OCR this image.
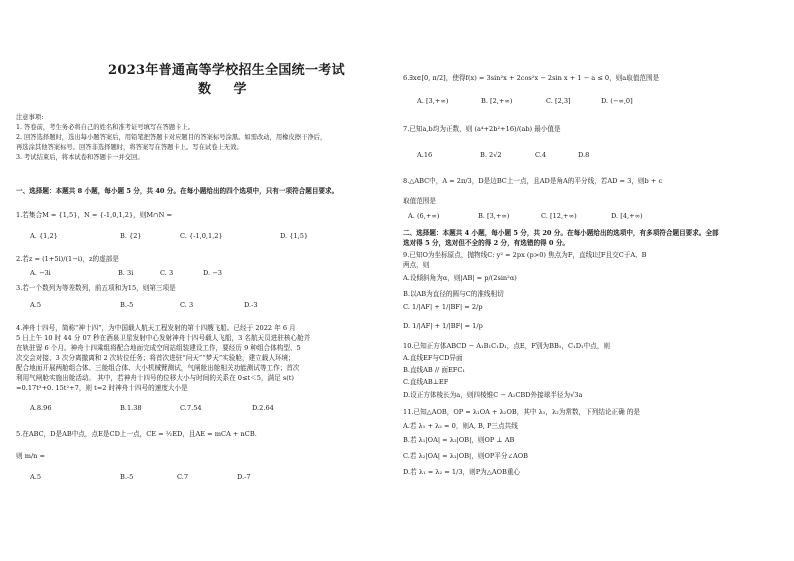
2023年普通高等学校招生全国统一考试
数 学
注意事项:
1. 答卷前，考生务必将自己的姓名和准考证号填写在答题卡上。
2. 回答选择题时，选出每小题答案后，用铅笔把答题卡对应题目的答案标号涂黑。如需改动，用橡皮擦干净后，
再选涂其他答案标号。回答非选择题时，将答案写在答题卡上。写在试卷上无效。
3. 考试结束后，将本试卷和答题卡一并交回。
一、选择题：本题共 8 小题，每小题 5 分，共 40 分。在每小题给出的四个选项中，只有一项符合题目要求。
1.若集合M = {1,5}，N = {-1,0,1,2}，则M∩N =
A. {1,2}	B. {2}	C. {-1,0,1,2}	D. {1,5}
2.若z = (1+5i)/(1−i)，z的虚部是
A. −3i	B. 3i	C. 3	D. −3
3.若一个数列为等差数列，前五项和为15，则第三项是
A.5	B.-5	C. 3	D.-3
4.神舟十四号，简称“神十四”，为中国载人航天工程发射的第十四艘飞船。已经于 2022 年 6 月
5 日上午 10 时 44 分 07 秒在酒泉卫星发射中心发射神舟十四号载人飞船，3 名航天员进驻核心舱并
在轨驻留 6 个月。神舟十四乘组将配合地面完成空间站组装建设工作，要经历 9 种组合体构型、5
次交会对接、3 次分离撤离和 2 次转位任务；将首次进驻“问天”“梦天”实验舱，建立载人环境；
配合地面开展两舱组合体、三舱组合体、大小机械臂测试，气闸舱出舱相关功能测试等工作；首次
利用气闸舱实施出舱活动。 其中，若神舟十四号的位移大小与时间的关系在 0≤t＜5，满足 s(t)
=0.17t³+0. 15t²+7，则 t=2 时神舟十四号的速度大小是
A.8.96	B.1.38	C.7.54	D.2.64
5.在ABC，D是AB中点，点E是CD上一点，CE = ½ED，且AE = mCA + nCB.
则 m/n =
A.5	B.-5	C.7	D.-7
6.∃x∈[0, π/2]，使得f(x) = 3sin²x + 2cos²x − 2sin x + 1 − a ≤ 0，则a取值范围是
A. [3,+∞)	B. [2,+∞)	C. [2,3]	D. (−∞,0]
7.已知a,b均为正数，则 (a⁴+2b²+16)/(ab) 最小值是
A.16	B. 2√2	C.4	D.8
8.△ABC中，A = 2π/3，D是边BC上一点，且AD是角A的平分线，若AD = 3，则b + c
取值范围是
A. (6,+∞)	B. [3,+∞)	C. [12,+∞)	D. [4,+∞)
二、选择题：本题共 4 小题，每小题 5 分，共 20 分。在每小题给出的选项中，有多项符合题目要求。全部
选对得 5 分，选对但不全的得 2 分，有选错的得 0 分。
9.已知O为坐标原点，抛物线C: y² = 2px (p>0) 焦点为F，直线l过F且交C于A、B
两点，则
A.设倾斜角为α，则|AB| = p/(2sin²α)
B.以AB为直径的圆与C的准线相切
C. 1/|AF| + 1/|BF| = 2/p
D. 1/|AF| + 1/|BF| = 1/p
10.已知正方体ABCD − A₁B₁C₁D₁，点E，F别为BB₁，C₁D₁中点，则
A.直线EF与CD异面
B.直线AB // 面EFC₁
C.直线AB⊥EF
D.设正方体棱长为a，则四棱锥C − A₁CBD外接球半径为√3a
11.已知△AOB，OP = λ₁OA + λ₂OB，其中 λ₁，λ₂为常数，下列结论正确 的是
A.若 λ₁ + λ₂ = 0，则A, B, P三点共线
B.若 λ₁|OA| = λ₂|OB|，则OP ⊥ AB
C.若 λ₂|OA| = λ₁|OB|，则OP平分∠AOB
D.若 λ₁ = λ₂ = 1/3，则P为△AOB重心
